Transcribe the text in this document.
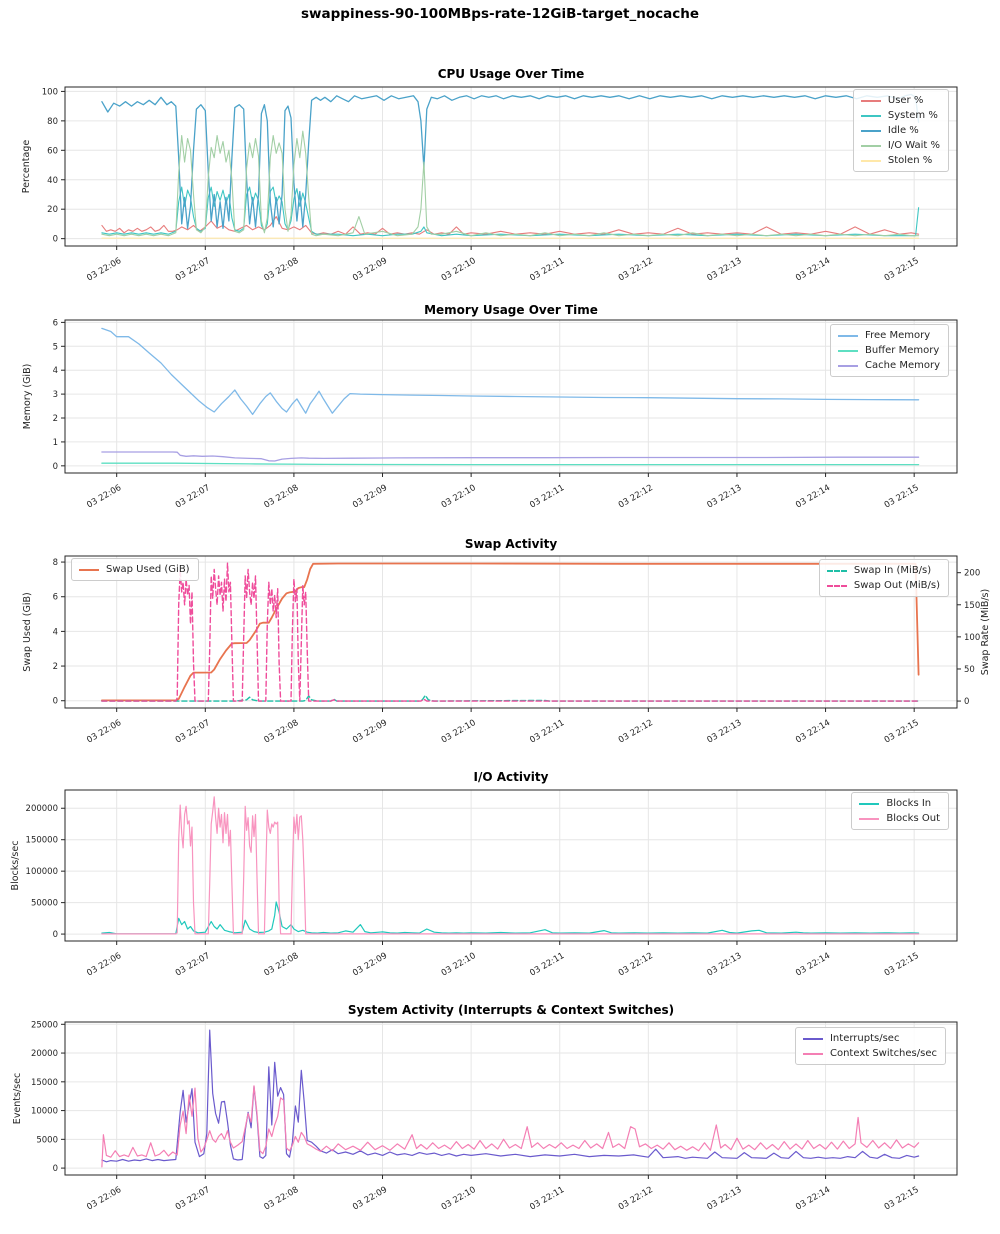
swappiness-90-100MBps-rate-12GiB-target_nocache
CPU Usage Over Time
03 22:06	03 22:07	03 22:08	03 22:09	03 22:10	03 22:11	03 22:12	03 22:13	03 22:14	03 22:15
0
20
40
60
80
100
Percentage
User %
System %
Idle %
I/O Wait %
Stolen %
Memory Usage Over Time
03 22:06	03 22:07	03 22:08	03 22:09	03 22:10	03 22:11	03 22:12	03 22:13	03 22:14	03 22:15
0
1
2
3
4
5
6
Memory (GiB)
Free Memory
Buffer Memory
Cache Memory
Swap Activity
03 22:06	03 22:07	03 22:08	03 22:09	03 22:10	03 22:11	03 22:12	03 22:13	03 22:14	03 22:15
0
2
4
6
8
0
50
100
150
200
Swap Used (GiB)	Swap Rate (MiB/s)
Swap Used (GiB)	Swap In (MiB/s)
Swap Out (MiB/s)
I/O Activity
03 22:06	03 22:07	03 22:08	03 22:09	03 22:10	03 22:11	03 22:12	03 22:13	03 22:14	03 22:15
0
50000
100000
150000
200000
Blocks/sec
Blocks In
Blocks Out
System Activity (Interrupts & Context Switches)
03 22:06	03 22:07	03 22:08	03 22:09	03 22:10	03 22:11	03 22:12	03 22:13	03 22:14	03 22:15
0
5000
10000
15000
20000
25000
Events/sec
Interrupts/sec
Context Switches/sec
